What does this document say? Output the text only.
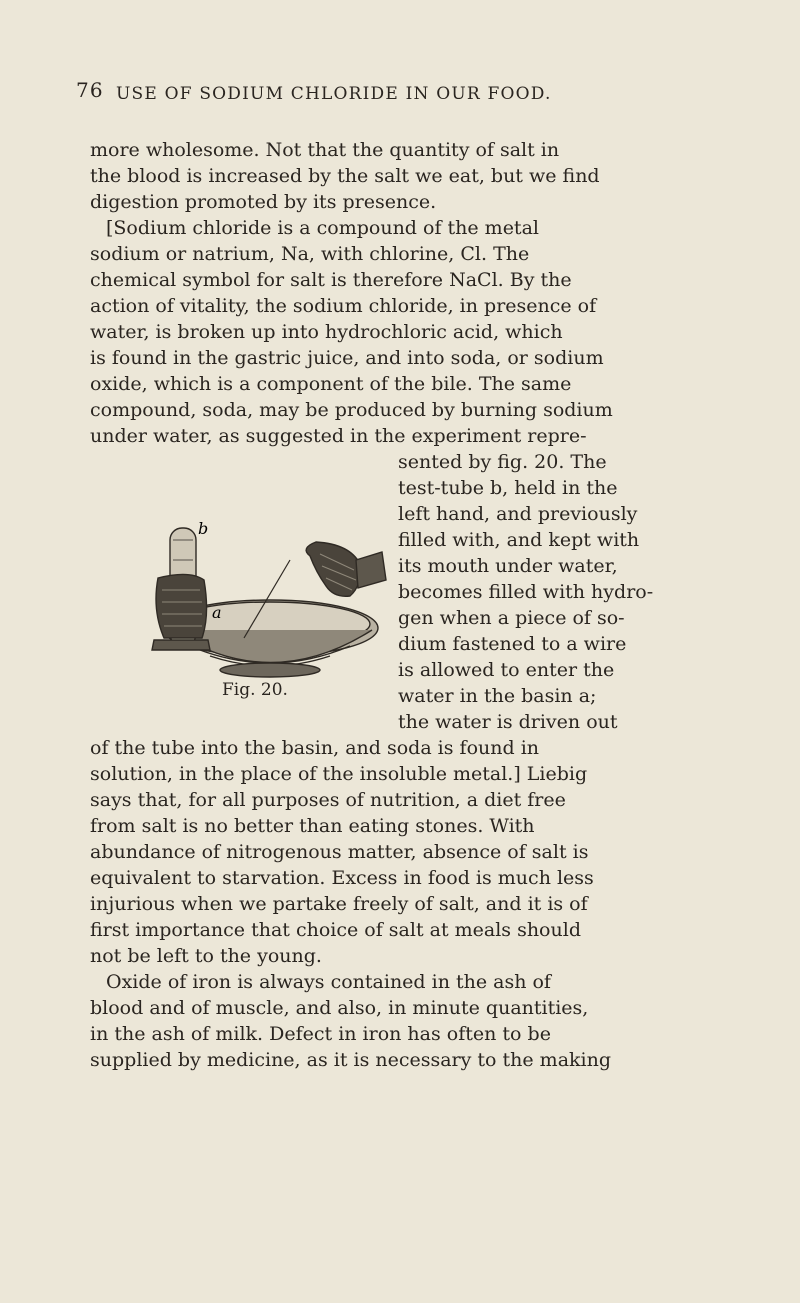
76 USE OF SODIUM CHLORIDE IN OUR FOOD.
more wholesome. Not that the quantity of salt in
the blood is increased by the salt we eat, but we find
digestion promoted by its presence.
[Sodium chloride is a compound of the metal
sodium or natrium, Na, with chlorine, Cl. The
chemical symbol for salt is therefore NaCl. By the
action of vitality, the sodium chloride, in presence of
water, is broken up into hydrochloric acid, which
is found in the gastric juice, and into soda, or sodium
oxide, which is a component of the bile. The same
compound, soda, may be produced by burning sodium
under water, as suggested in the experiment repre-
sented by fig. 20. The
test-tube b, held in the
left hand, and previously
filled with, and kept with
its mouth under water,
becomes filled with hydro-
gen when a piece of so-
dium fastened to a wire
is allowed to enter the
water in the basin a;
the water is driven out
of the tube into the basin, and soda is found in
solution, in the place of the insoluble metal.] Liebig
says that, for all purposes of nutrition, a diet free
from salt is no better than eating stones. With
abundance of nitrogenous matter, absence of salt is
equivalent to starvation. Excess in food is much less
injurious when we partake freely of salt, and it is of
first importance that choice of salt at meals should
not be left to the young.
Oxide of iron is always contained in the ash of
blood and of muscle, and also, in minute quantities,
in the ash of milk. Defect in iron has often to be
supplied by medicine, as it is necessary to the making
b
a
Fig. 20.
